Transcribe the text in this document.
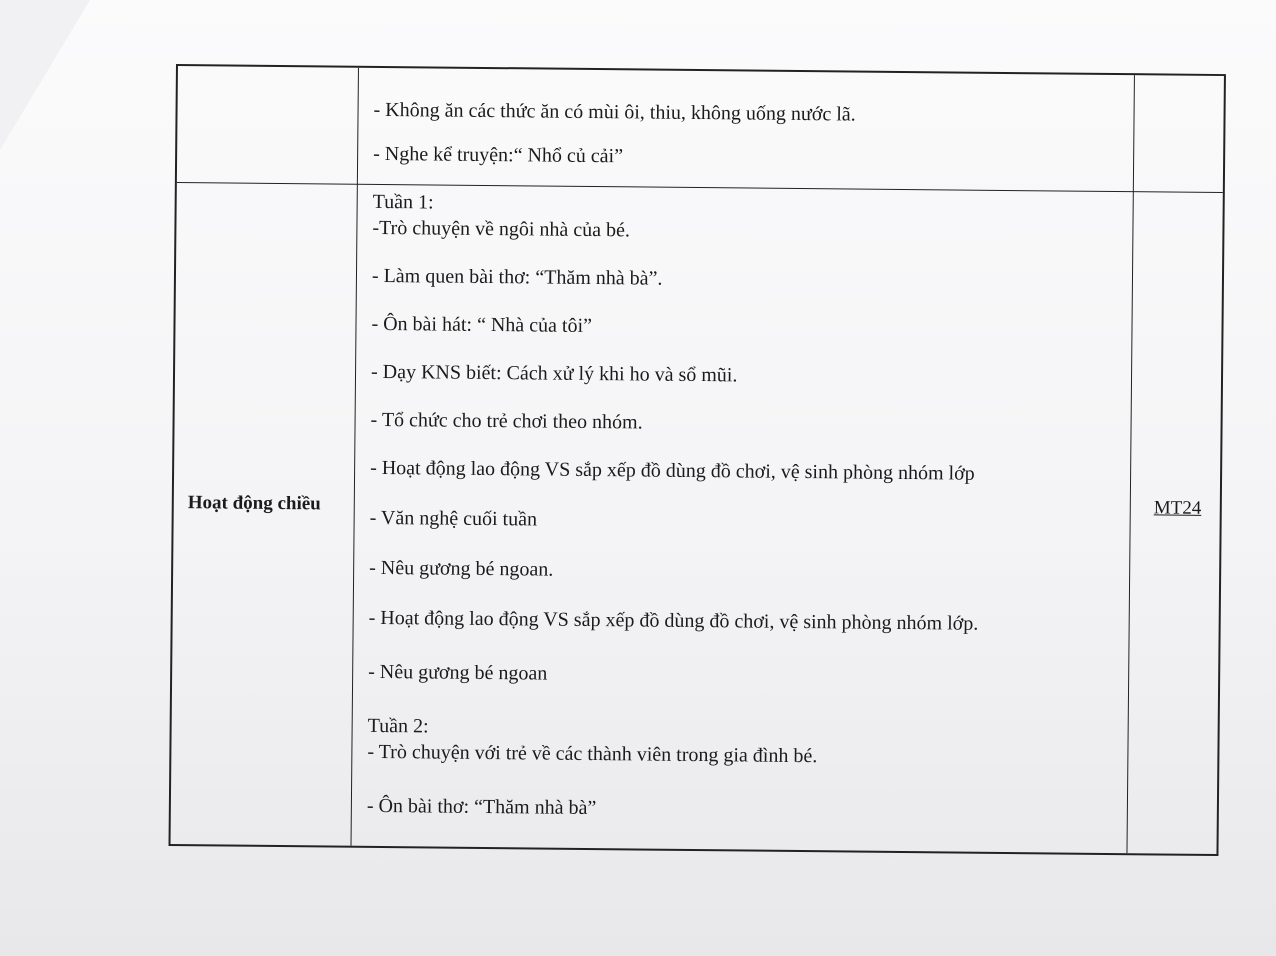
- Không ăn các thức ăn có mùi ôi, thiu, không uống nước lã.
- Nghe kể truyện:“ Nhổ củ cải”
Hoạt động chiều	MT24
Tuần 1:
-Trò chuyện về ngôi nhà của bé.
- Làm quen bài thơ: “Thăm nhà bà”.
- Ôn bài hát: “ Nhà của tôi”
- Dạy KNS biết: Cách xử lý khi ho và sổ mũi.
- Tổ chức cho trẻ chơi theo nhóm.
- Hoạt động lao động VS sắp xếp đồ dùng đồ chơi, vệ sinh phòng nhóm lớp
- Văn nghệ cuối tuần
- Nêu gương bé ngoan.
- Hoạt động lao động VS sắp xếp đồ dùng đồ chơi, vệ sinh phòng nhóm lớp.
- Nêu gương bé ngoan
Tuần 2:
- Trò chuyện với trẻ về các thành viên trong gia đình bé.
- Ôn bài thơ: “Thăm nhà bà”
